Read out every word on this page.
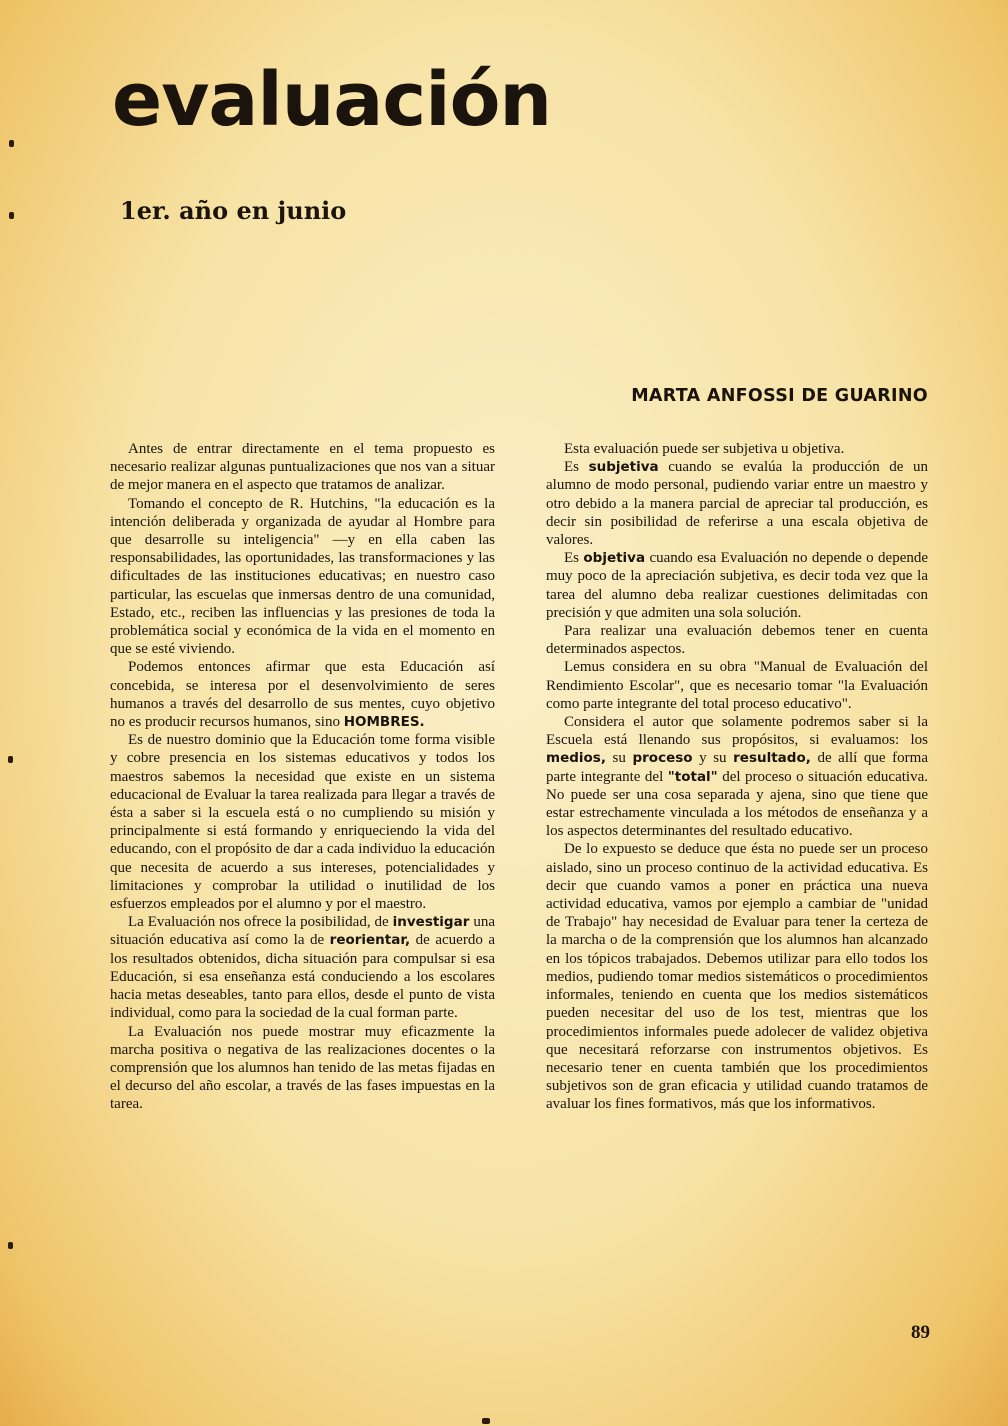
evaluación
1er. año en junio
MARTA ANFOSSI DE GUARINO

Antes de entrar directamente en el tema propuesto es necesario realizar algunas puntualizaciones que nos van a situar de mejor manera en el aspecto que tratamos de analizar.

Tomando el concepto de R. Hutchins, "la educación es la intención deliberada y organizada de ayudar al Hombre para que desarrolle su inteligencia" —y en ella caben las responsabilidades, las oportunidades, las transformaciones y las dificultades de las instituciones educativas; en nuestro caso particular, las escuelas que inmersas dentro de una comunidad, Estado, etc., reciben las influencias y las presiones de toda la problemática social y económica de la vida en el momento en que se esté viviendo.

Podemos entonces afirmar que esta Educación así concebida, se interesa por el desenvolvimiento de seres humanos a través del desarrollo de sus mentes, cuyo objetivo no es producir recursos humanos, sino HOMBRES.

Es de nuestro dominio que la Educación tome forma visible y cobre presencia en los sistemas educativos y todos los maestros sabemos la necesidad que existe en un sistema educacional de Evaluar la tarea realizada para llegar a través de ésta a saber si la escuela está o no cumpliendo su misión y principalmente si está formando y enriqueciendo la vida del educando, con el propósito de dar a cada individuo la educación que necesita de acuerdo a sus intereses, potencialidades y limitaciones y comprobar la utilidad o inutilidad de los esfuerzos empleados por el alumno y por el maestro.

La Evaluación nos ofrece la posibilidad, de investigar una situación educativa así como la de reorientar, de acuerdo a los resultados obtenidos, dicha situación para compulsar si esa Educación, si esa enseñanza está conduciendo a los escolares hacia metas deseables, tanto para ellos, desde el punto de vista individual, como para la sociedad de la cual forman parte.

La Evaluación nos puede mostrar muy eficazmente la marcha positiva o negativa de las realizaciones docentes o la comprensión que los alumnos han tenido de las metas fijadas en el decurso del año escolar, a través de las fases impuestas en la tarea.

Esta evaluación puede ser subjetiva u objetiva.

Es subjetiva cuando se evalúa la producción de un alumno de modo personal, pudiendo variar entre un maestro y otro debido a la manera parcial de apreciar tal producción, es decir sin posibilidad de referirse a una escala objetiva de valores.

Es objetiva cuando esa Evaluación no depende o depende muy poco de la apreciación subjetiva, es decir toda vez que la tarea del alumno deba realizar cuestiones delimitadas con precisión y que admiten una sola solución.

Para realizar una evaluación debemos tener en cuenta determinados aspectos.

Lemus considera en su obra "Manual de Evaluación del Rendimiento Escolar", que es necesario tomar "la Evaluación como parte integrante del total proceso educativo".

Considera el autor que solamente podremos saber si la Escuela está llenando sus propósitos, si evaluamos: los medios, su proceso y su resultado, de allí que forma parte integrante del "total" del proceso o situación educativa. No puede ser una cosa separada y ajena, sino que tiene que estar estrechamente vinculada a los métodos de enseñanza y a los aspectos determinantes del resultado educativo.

De lo expuesto se deduce que ésta no puede ser un proceso aislado, sino un proceso continuo de la actividad educativa. Es decir que cuando vamos a poner en práctica una nueva actividad educativa, vamos por ejemplo a cambiar de "unidad de Trabajo" hay necesidad de Evaluar para tener la certeza de la marcha o de la comprensión que los alumnos han alcanzado en los tópicos trabajados. Debemos utilizar para ello todos los medios, pudiendo tomar medios sistemáticos o procedimientos informales, teniendo en cuenta que los medios sistemáticos pueden necesitar del uso de los test, mientras que los procedimientos informales puede adolecer de validez objetiva que necesitará reforzarse con instrumentos objetivos. Es necesario tener en cuenta también que los procedimientos subjetivos son de gran eficacia y utilidad cuando tratamos de avaluar los fines formativos, más que los informativos.

89
